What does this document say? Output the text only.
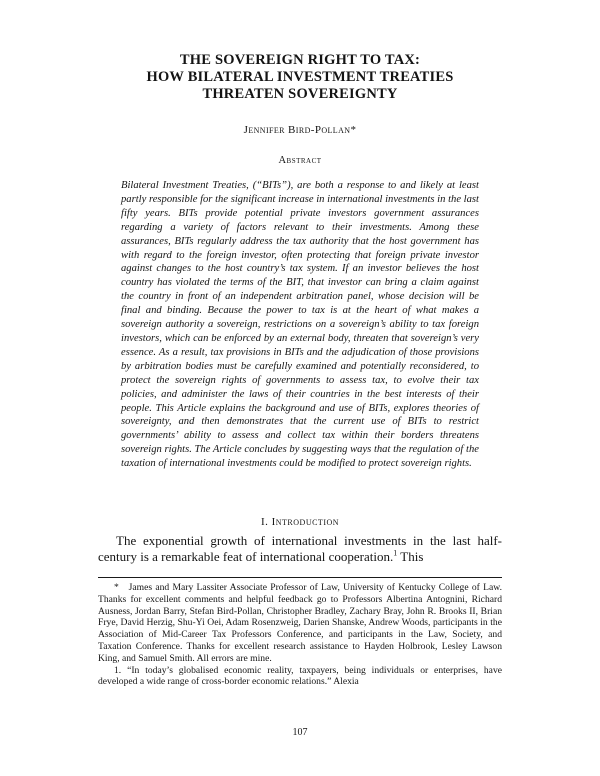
THE SOVEREIGN RIGHT TO TAX:
HOW BILATERAL INVESTMENT TREATIES
THREATEN SOVEREIGNTY
Jennifer Bird-Pollan*
Abstract
Bilateral Investment Treaties, (“BITs”), are both a response to and likely at least partly responsible for the significant increase in international investments in the last fifty years. BITs provide potential private investors government assurances regarding a variety of factors relevant to their investments. Among these assurances, BITs regularly address the tax authority that the host government has with regard to the foreign investor, often protecting that foreign private investor against changes to the host country’s tax system. If an investor believes the host country has violated the terms of the BIT, that investor can bring a claim against the country in front of an independent arbitration panel, whose decision will be final and binding. Because the power to tax is at the heart of what makes a sovereign authority a sovereign, restrictions on a sovereign’s ability to tax foreign investors, which can be enforced by an external body, threaten that sovereign’s very essence. As a result, tax provisions in BITs and the adjudication of those provisions by arbitration bodies must be carefully examined and potentially reconsidered, to protect the sovereign rights of governments to assess tax, to evolve their tax policies, and administer the laws of their countries in the best interests of their people. This Article explains the background and use of BITs, explores theories of sovereignty, and then demonstrates that the current use of BITs to restrict governments’ ability to assess and collect tax within their borders threatens sovereign rights. The Article concludes by suggesting ways that the regulation of the taxation of international investments could be modified to protect sovereign rights.
I. Introduction
The exponential growth of international investments in the last half-century is a remarkable feat of international cooperation.$^1$ This

* James and Mary Lassiter Associate Professor of Law, University of Kentucky College of Law. Thanks for excellent comments and helpful feedback go to Professors Albertina Antognini, Richard Ausness, Jordan Barry, Stefan Bird-Pollan, Christopher Bradley, Zachary Bray, John R. Brooks II, Brian Frye, David Herzig, Shu-Yi Oei, Adam Rosenzweig, Darien Shanske, Andrew Woods, participants in the Association of Mid-Career Tax Professors Conference, and participants in the Law, Society, and Taxation Conference. Thanks for excellent research assistance to Hayden Holbrook, Lesley Lawson King, and Samuel Smith. All errors are mine.

1. “In today’s globalised economic reality, taxpayers, being individuals or enterprises, have developed a wide range of cross-border economic relations.” Alexia

107
